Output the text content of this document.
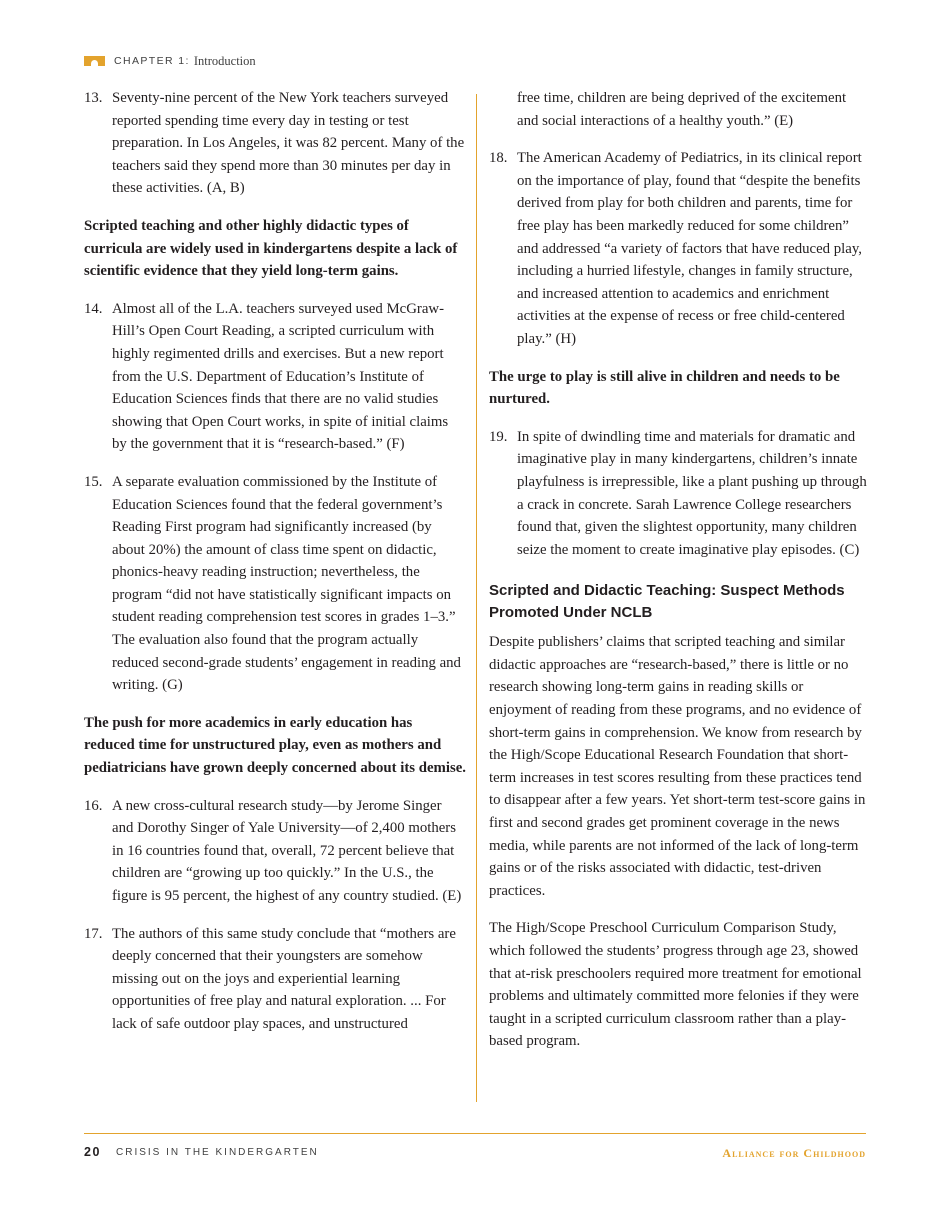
CHAPTER 1: Introduction
13. Seventy-nine percent of the New York teachers surveyed reported spending time every day in testing or test preparation. In Los Angeles, it was 82 percent. Many of the teachers said they spend more than 30 minutes per day in these activities. (A, B)

Scripted teaching and other highly didactic types of curricula are widely used in kindergartens despite a lack of scientific evidence that they yield long-term gains.

14. Almost all of the L.A. teachers surveyed used McGraw-Hill’s Open Court Reading, a scripted curriculum with highly regimented drills and exercises. But a new report from the U.S. Department of Education’s Institute of Education Sciences finds that there are no valid studies showing that Open Court works, in spite of initial claims by the government that it is “research-based.” (F)
15. A separate evaluation commissioned by the Institute of Education Sciences found that the federal government’s Reading First program had significantly increased (by about 20%) the amount of class time spent on didactic, phonics-heavy reading instruction; nevertheless, the program “did not have statistically significant impacts on student reading comprehension test scores in grades 1–3.” The evaluation also found that the program actually reduced second-grade students’ engagement in reading and writing. (G)

The push for more academics in early education has reduced time for unstructured play, even as mothers and pediatricians have grown deeply concerned about its demise.

16. A new cross-cultural research study—by Jerome Singer and Dorothy Singer of Yale University—of 2,400 mothers in 16 countries found that, overall, 72 percent believe that children are “growing up too quickly.” In the U.S., the figure is 95 percent, the highest of any country studied. (E)
17. The authors of this same study conclude that “mothers are deeply concerned that their youngsters are somehow missing out on the joys and experiential learning opportunities of free play and natural exploration. ... For lack of safe outdoor play spaces, and unstructured

free time, children are being deprived of the excitement and social interactions of a healthy youth.” (E)

18. The American Academy of Pediatrics, in its clinical report on the importance of play, found that “despite the benefits derived from play for both children and parents, time for free play has been markedly reduced for some children” and addressed “a variety of factors that have reduced play, including a hurried lifestyle, changes in family structure, and increased attention to academics and enrichment activities at the expense of recess or free child-centered play.” (H)

The urge to play is still alive in children and needs to be nurtured.

19. In spite of dwindling time and materials for dramatic and imaginative play in many kindergartens, children’s innate playfulness is irrepressible, like a plant pushing up through a crack in concrete. Sarah Lawrence College researchers found that, given the slightest opportunity, many children seize the moment to create imaginative play episodes. (C)
Scripted and Didactic Teaching: Suspect Methods Promoted Under NCLB

Despite publishers’ claims that scripted teaching and similar didactic approaches are “research-based,” there is little or no research showing long-term gains in reading skills or enjoyment of reading from these programs, and no evidence of short-term gains in comprehension. We know from research by the High/Scope Educational Research Foundation that short-term increases in test scores resulting from these practices tend to disappear after a few years. Yet short-term test-score gains in first and second grades get prominent coverage in the news media, while parents are not informed of the lack of long-term gains or of the risks associated with didactic, test-driven practices.

The High/Scope Preschool Curriculum Comparison Study, which followed the students’ progress through age 23, showed that at-risk preschoolers required more treatment for emotional problems and ultimately committed more felonies if they were taught in a scripted curriculum classroom rather than a play-based program.

20 CRISIS IN THE KINDERGARTEN	Alliance for Childhood
